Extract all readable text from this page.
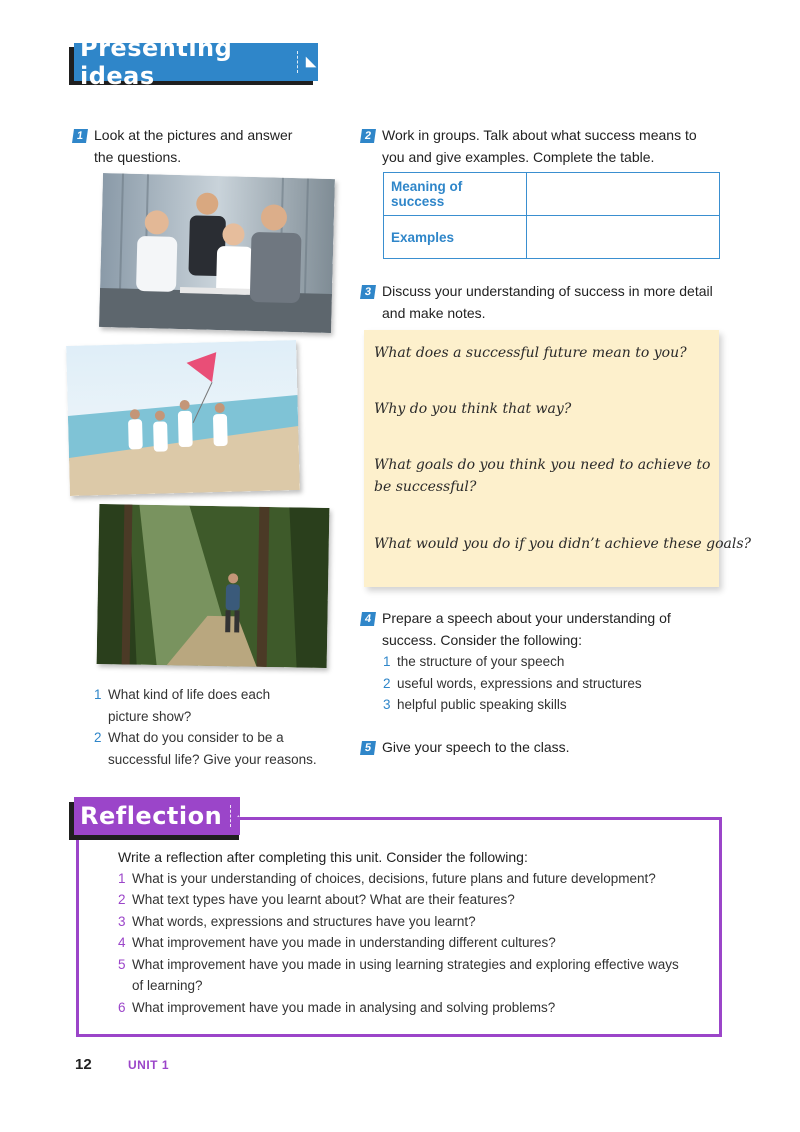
Presenting ideas
1 Look at the pictures and answer
the questions.
1 What kind of life does each
picture show?
2 What do you consider to be a
successful life? Give your reasons.
2 Work in groups. Talk about what success means to
you and give examples. Complete the table.
Meaning of success	
Examples	
3 Discuss your understanding of success in more detail
and make notes.
What does a successful future mean to you?
Why do you think that way?
What goals do you think you need to achieve to
be successful?
What would you do if you didn’t achieve these goals?
4 Prepare a speech about your understanding of
success. Consider the following:
1 the structure of your speech
2 useful words, expressions and structures
3 helpful public speaking skills
5 Give your speech to the class.
Reflection
Write a reflection after completing this unit. Consider the following:
1 What is your understanding of choices, decisions, future plans and future development?
2 What text types have you learnt about? What are their features?
3 What words, expressions and structures have you learnt?
4 What improvement have you made in understanding different cultures?
5 What improvement have you made in using learning strategies and exploring effective ways
of learning?
6 What improvement have you made in analysing and solving problems?
12	UNIT 1
